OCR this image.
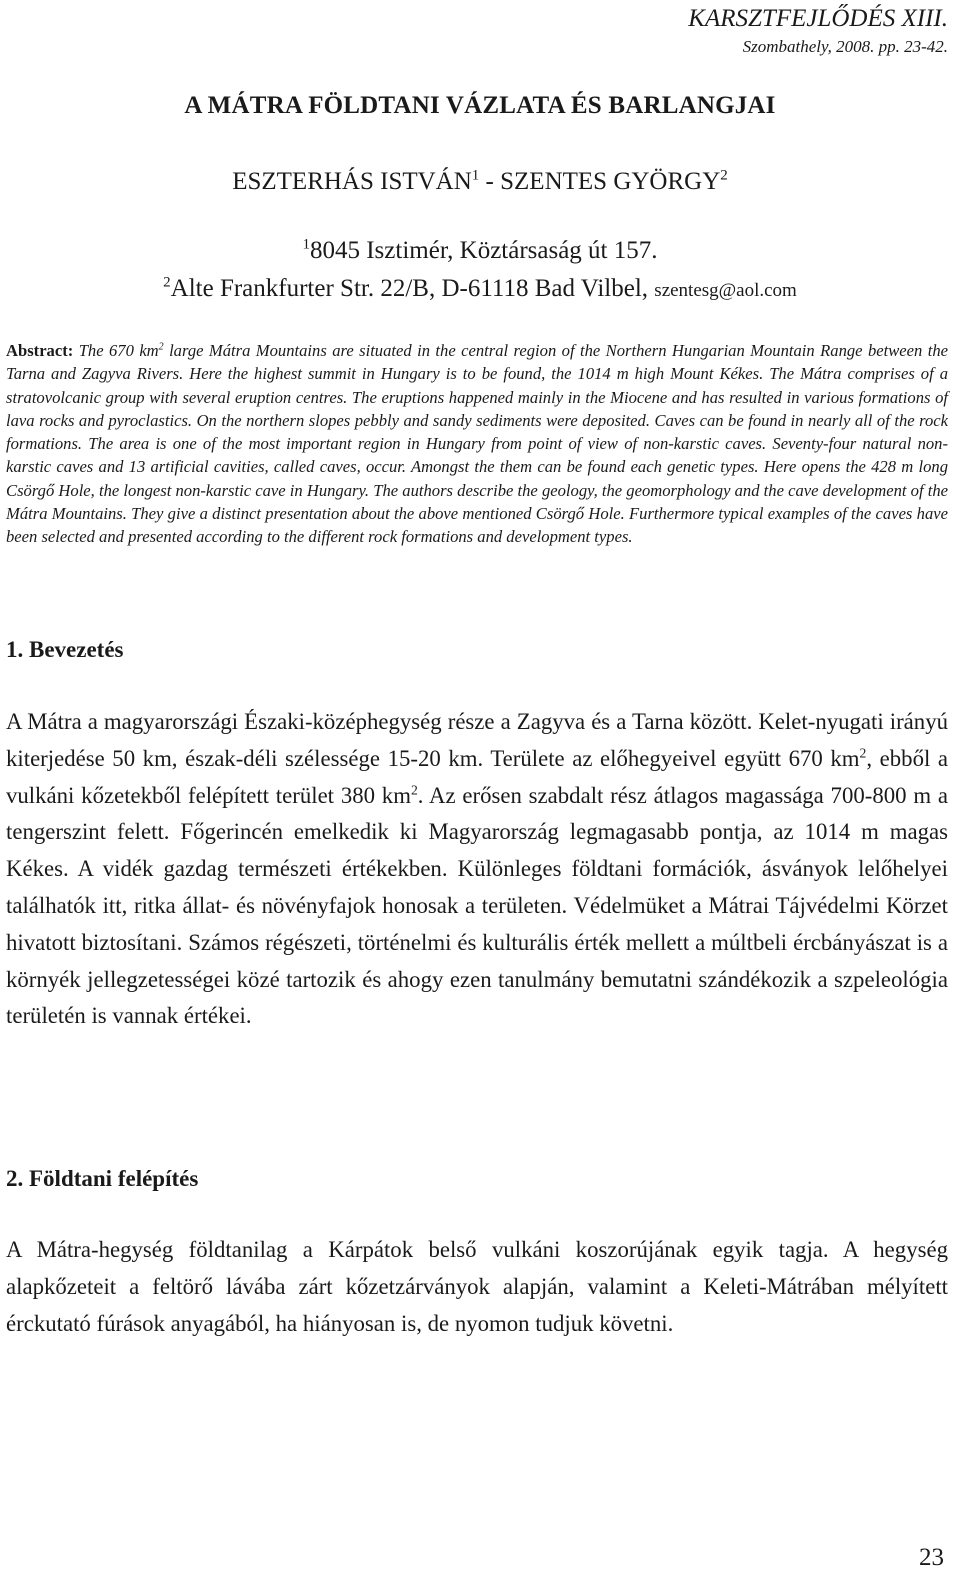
KARSZTFEJLŐDÉS XIII.
Szombathely, 2008. pp. 23-42.
A MÁTRA FÖLDTANI VÁZLATA ÉS BARLANGJAI
ESZTERHÁS ISTVÁN$^1$ - SZENTES GYÖRGY$^2$
$^1$8045 Isztimér, Köztársaság út 157.
$^2$Alte Frankfurter Str. 22/B, D-61118 Bad Vilbel, szentesg@aol.com
Abstract: The 670 $km^2$ large Mátra Mountains are situated in the central region of the Northern Hungarian Mountain Range between the Tarna and Zagyva Rivers. Here the highest summit in Hungary is to be found, the 1014 m high Mount Kékes. The Mátra comprises of a stratovolcanic group with several eruption centres. The eruptions happened mainly in the Miocene and has resulted in various formations of lava rocks and pyroclastics. On the northern slopes pebbly and sandy sediments were deposited. Caves can be found in nearly all of the rock formations. The area is one of the most important region in Hungary from point of view of non-karstic caves. Seventy-four natural non-karstic caves and 13 artificial cavities, called caves, occur. Amongst the them can be found each genetic types. Here opens the 428 m long Csörgő Hole, the longest non-karstic cave in Hungary. The authors describe the geology, the geomorphology and the cave development of the Mátra Mountains. They give a distinct presentation about the above mentioned Csörgő Hole. Furthermore typical examples of the caves have been selected and presented according to the different rock formations and development types.
1. Bevezetés

A Mátra a magyarországi Északi-középhegység része a Zagyva és a Tarna között. Kelet-nyugati irányú kiterjedése 50 km, észak-déli szélessége 15-20 km. Területe az előhegyeivel együtt 670 $km^2$, ebből a vulkáni kőzetekből felépített terület 380 $km^2$. Az erősen szabdalt rész átlagos magassága 700-800 m a tengerszint felett. Főgerincén emelkedik ki Magyarország legmagasabb pontja, az 1014 m magas Kékes. A vidék gazdag természeti értékekben. Különleges földtani formációk, ásványok lelőhelyei találhatók itt, ritka állat- és növényfajok honosak a területen. Védelmüket a Mátrai Tájvédelmi Körzet hivatott biztosítani. Számos régészeti, történelmi és kulturális érték mellett a múltbeli ércbányászat is a környék jellegzetességei közé tartozik és ahogy ezen tanulmány bemutatni szándékozik a szpeleológia területén is vannak értékei.

2. Földtani felépítés

A Mátra-hegység földtanilag a Kárpátok belső vulkáni koszorújának egyik tagja. A hegység alapkőzeteit a feltörő lávába zárt kőzetzárványok alapján, valamint a Keleti-Mátrában mélyített érckutató fúrások anyagából, ha hiányosan is, de nyomon tudjuk követni.

23
